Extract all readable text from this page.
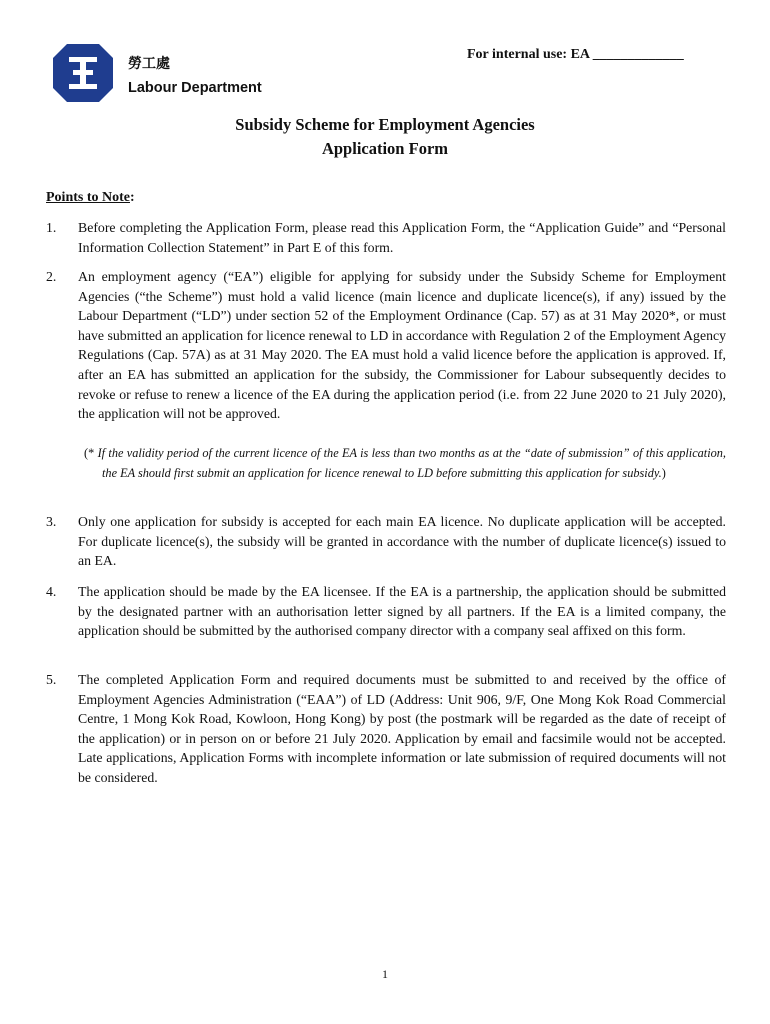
勞工處
Labour Department
For internal use: EA _____________
Subsidy Scheme for Employment Agencies
Application Form
Points to Note:
1. Before completing the Application Form, please read this Application Form, the “Application Guide” and “Personal Information Collection Statement” in Part E of this form.
2. An employment agency (“EA”) eligible for applying for subsidy under the Subsidy Scheme for Employment Agencies (“the Scheme”) must hold a valid licence (main licence and duplicate licence(s), if any) issued by the Labour Department (“LD”) under section 52 of the Employment Ordinance (Cap. 57) as at 31 May 2020*, or must have submitted an application for licence renewal to LD in accordance with Regulation 2 of the Employment Agency Regulations (Cap. 57A) as at 31 May 2020. The EA must hold a valid licence before the application is approved. If, after an EA has submitted an application for the subsidy, the Commissioner for Labour subsequently decides to revoke or refuse to renew a licence of the EA during the application period (i.e. from 22 June 2020 to 21 July 2020), the application will not be approved.
(* If the validity period of the current licence of the EA is less than two months as at the “date of submission” of this application, the EA should first submit an application for licence renewal to LD before submitting this application for subsidy.)
3. Only one application for subsidy is accepted for each main EA licence. No duplicate application will be accepted. For duplicate licence(s), the subsidy will be granted in accordance with the number of duplicate licence(s) issued to an EA.
4. The application should be made by the EA licensee. If the EA is a partnership, the application should be submitted by the designated partner with an authorisation letter signed by all partners. If the EA is a limited company, the application should be submitted by the authorised company director with a company seal affixed on this form.
5. The completed Application Form and required documents must be submitted to and received by the office of Employment Agencies Administration (“EAA”) of LD (Address: Unit 906, 9/F, One Mong Kok Road Commercial Centre, 1 Mong Kok Road, Kowloon, Hong Kong) by post (the postmark will be regarded as the date of receipt of the application) or in person on or before 21 July 2020. Application by email and facsimile would not be accepted. Late applications, Application Forms with incomplete information or late submission of required documents will not be considered.
1
